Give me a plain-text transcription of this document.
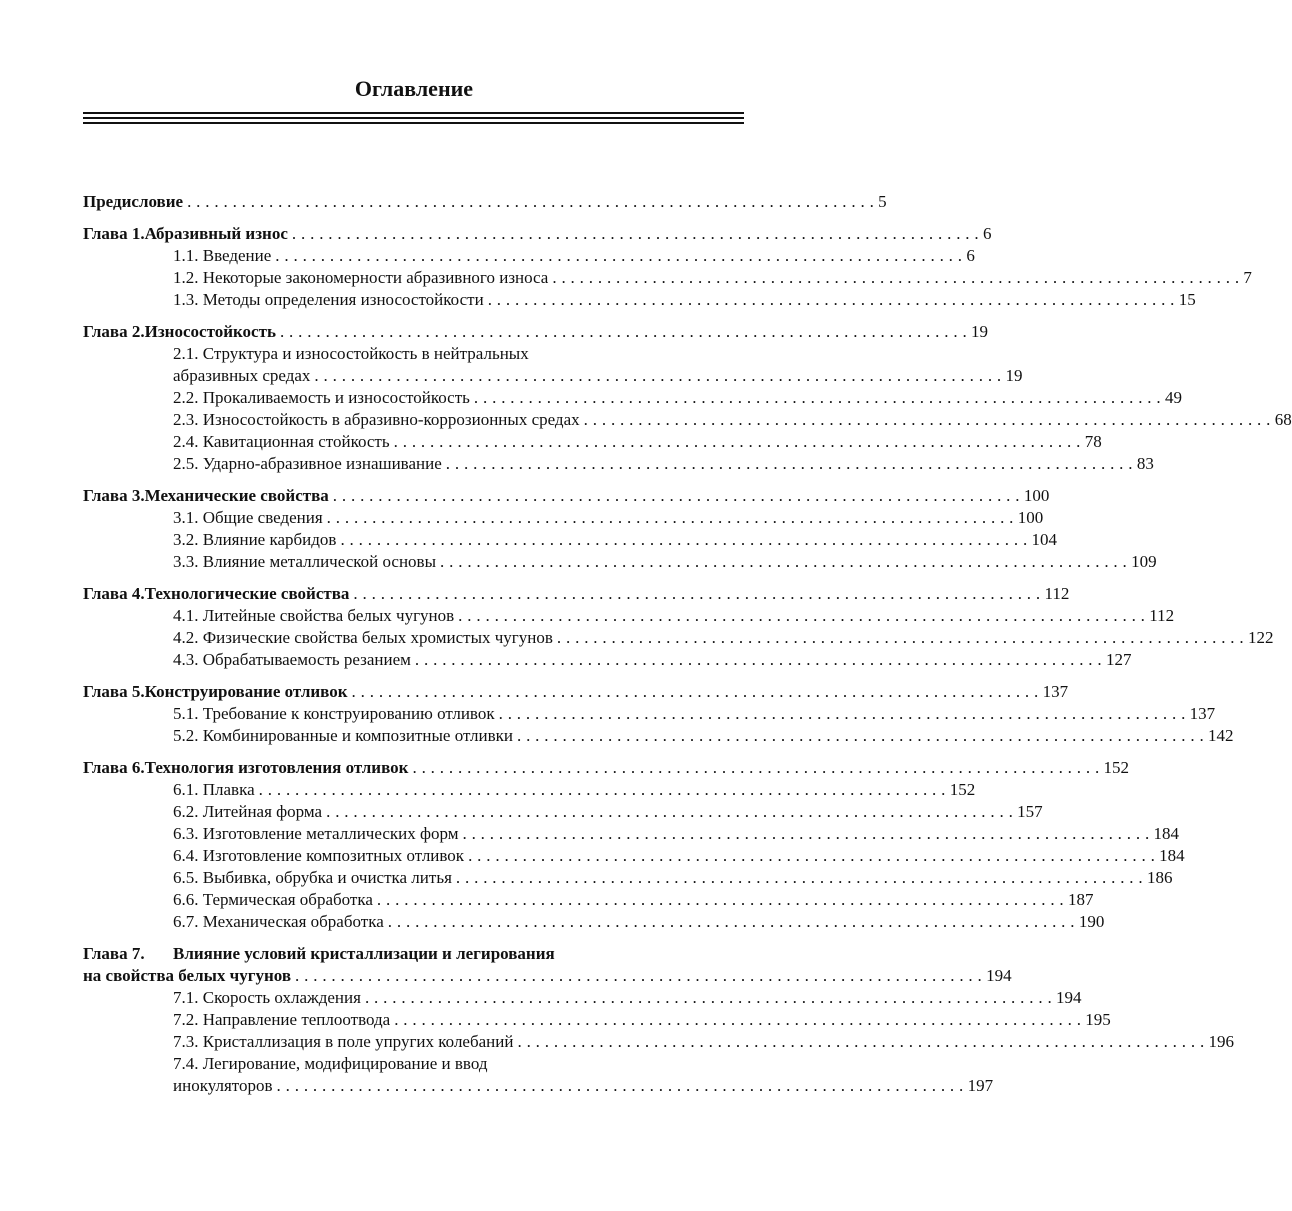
Оглавление
Предисловие . . . . . . . . . . . . . . . . . . . . . . . . . . . . . . . . . . . . . . . . . . . . . . . . . . . . . . . . . . . . . . . . . . . . . . . . . . . . 5
Глава 1. Абразивный износ . . . . . . . . . . . . . . . . . . . . . . . . . . . . . . . . . . . . . . . . . . . . . . . . . . . . . . . . . . . . . . . . . . . . . . . . . . . . 6
1.1. Введение . . . . . . . . . . . . . . . . . . . . . . . . . . . . . . . . . . . . . . . . . . . . . . . . . . . . . . . . . . . . . . . . . . . . . . . . . . . . 6
1.2. Некоторые закономерности абразивного износа . . . . . . . . . . . . . . . . . . . . . . . . . . . . . . . . . . . . . . . . . . . . . . . . . . . . . . . . . . . . . . . . . . . . . . . . . . . . 7
1.3. Методы определения износостойкости . . . . . . . . . . . . . . . . . . . . . . . . . . . . . . . . . . . . . . . . . . . . . . . . . . . . . . . . . . . . . . . . . . . . . . . . . . . . 15
Глава 2. Износостойкость . . . . . . . . . . . . . . . . . . . . . . . . . . . . . . . . . . . . . . . . . . . . . . . . . . . . . . . . . . . . . . . . . . . . . . . . . . . . 19
2.1. Структура и износостойкость в нейтральных
абразивных средах . . . . . . . . . . . . . . . . . . . . . . . . . . . . . . . . . . . . . . . . . . . . . . . . . . . . . . . . . . . . . . . . . . . . . . . . . . . . 19
2.2. Прокаливаемость и износостойкость . . . . . . . . . . . . . . . . . . . . . . . . . . . . . . . . . . . . . . . . . . . . . . . . . . . . . . . . . . . . . . . . . . . . . . . . . . . . 49
2.3. Износостойкость в абразивно-коррозионных средах . . . . . . . . . . . . . . . . . . . . . . . . . . . . . . . . . . . . . . . . . . . . . . . . . . . . . . . . . . . . . . . . . . . . . . . . . . . . 68
2.4. Кавитационная стойкость . . . . . . . . . . . . . . . . . . . . . . . . . . . . . . . . . . . . . . . . . . . . . . . . . . . . . . . . . . . . . . . . . . . . . . . . . . . . 78
2.5. Ударно-абразивное изнашивание . . . . . . . . . . . . . . . . . . . . . . . . . . . . . . . . . . . . . . . . . . . . . . . . . . . . . . . . . . . . . . . . . . . . . . . . . . . . 83
Глава 3. Механические свойства . . . . . . . . . . . . . . . . . . . . . . . . . . . . . . . . . . . . . . . . . . . . . . . . . . . . . . . . . . . . . . . . . . . . . . . . . . . . 100
3.1. Общие сведения . . . . . . . . . . . . . . . . . . . . . . . . . . . . . . . . . . . . . . . . . . . . . . . . . . . . . . . . . . . . . . . . . . . . . . . . . . . . 100
3.2. Влияние карбидов . . . . . . . . . . . . . . . . . . . . . . . . . . . . . . . . . . . . . . . . . . . . . . . . . . . . . . . . . . . . . . . . . . . . . . . . . . . . 104
3.3. Влияние металлической основы . . . . . . . . . . . . . . . . . . . . . . . . . . . . . . . . . . . . . . . . . . . . . . . . . . . . . . . . . . . . . . . . . . . . . . . . . . . . 109
Глава 4. Технологические свойства . . . . . . . . . . . . . . . . . . . . . . . . . . . . . . . . . . . . . . . . . . . . . . . . . . . . . . . . . . . . . . . . . . . . . . . . . . . . 112
4.1. Литейные свойства белых чугунов . . . . . . . . . . . . . . . . . . . . . . . . . . . . . . . . . . . . . . . . . . . . . . . . . . . . . . . . . . . . . . . . . . . . . . . . . . . . 112
4.2. Физические свойства белых хромистых чугунов . . . . . . . . . . . . . . . . . . . . . . . . . . . . . . . . . . . . . . . . . . . . . . . . . . . . . . . . . . . . . . . . . . . . . . . . . . . . 122
4.3. Обрабатываемость резанием . . . . . . . . . . . . . . . . . . . . . . . . . . . . . . . . . . . . . . . . . . . . . . . . . . . . . . . . . . . . . . . . . . . . . . . . . . . . 127
Глава 5. Конструирование отливок . . . . . . . . . . . . . . . . . . . . . . . . . . . . . . . . . . . . . . . . . . . . . . . . . . . . . . . . . . . . . . . . . . . . . . . . . . . . 137
5.1. Требование к конструированию отливок . . . . . . . . . . . . . . . . . . . . . . . . . . . . . . . . . . . . . . . . . . . . . . . . . . . . . . . . . . . . . . . . . . . . . . . . . . . . 137
5.2. Комбинированные и композитные отливки . . . . . . . . . . . . . . . . . . . . . . . . . . . . . . . . . . . . . . . . . . . . . . . . . . . . . . . . . . . . . . . . . . . . . . . . . . . . 142
Глава 6. Технология изготовления отливок . . . . . . . . . . . . . . . . . . . . . . . . . . . . . . . . . . . . . . . . . . . . . . . . . . . . . . . . . . . . . . . . . . . . . . . . . . . . 152
6.1. Плавка . . . . . . . . . . . . . . . . . . . . . . . . . . . . . . . . . . . . . . . . . . . . . . . . . . . . . . . . . . . . . . . . . . . . . . . . . . . . 152
6.2. Литейная форма . . . . . . . . . . . . . . . . . . . . . . . . . . . . . . . . . . . . . . . . . . . . . . . . . . . . . . . . . . . . . . . . . . . . . . . . . . . . 157
6.3. Изготовление металлических форм . . . . . . . . . . . . . . . . . . . . . . . . . . . . . . . . . . . . . . . . . . . . . . . . . . . . . . . . . . . . . . . . . . . . . . . . . . . . 184
6.4. Изготовление композитных отливок . . . . . . . . . . . . . . . . . . . . . . . . . . . . . . . . . . . . . . . . . . . . . . . . . . . . . . . . . . . . . . . . . . . . . . . . . . . . 184
6.5. Выбивка, обрубка и очистка литья . . . . . . . . . . . . . . . . . . . . . . . . . . . . . . . . . . . . . . . . . . . . . . . . . . . . . . . . . . . . . . . . . . . . . . . . . . . . 186
6.6. Термическая обработка . . . . . . . . . . . . . . . . . . . . . . . . . . . . . . . . . . . . . . . . . . . . . . . . . . . . . . . . . . . . . . . . . . . . . . . . . . . . 187
6.7. Механическая обработка . . . . . . . . . . . . . . . . . . . . . . . . . . . . . . . . . . . . . . . . . . . . . . . . . . . . . . . . . . . . . . . . . . . . . . . . . . . . 190
Глава 7.	Влияние условий кристаллизации и легирования
на свойства белых чугунов . . . . . . . . . . . . . . . . . . . . . . . . . . . . . . . . . . . . . . . . . . . . . . . . . . . . . . . . . . . . . . . . . . . . . . . . . . . . 194
7.1. Скорость охлаждения . . . . . . . . . . . . . . . . . . . . . . . . . . . . . . . . . . . . . . . . . . . . . . . . . . . . . . . . . . . . . . . . . . . . . . . . . . . . 194
7.2. Направление теплоотвода . . . . . . . . . . . . . . . . . . . . . . . . . . . . . . . . . . . . . . . . . . . . . . . . . . . . . . . . . . . . . . . . . . . . . . . . . . . . 195
7.3. Кристаллизация в поле упругих колебаний . . . . . . . . . . . . . . . . . . . . . . . . . . . . . . . . . . . . . . . . . . . . . . . . . . . . . . . . . . . . . . . . . . . . . . . . . . . . 196
7.4. Легирование, модифицирование и ввод
инокуляторов . . . . . . . . . . . . . . . . . . . . . . . . . . . . . . . . . . . . . . . . . . . . . . . . . . . . . . . . . . . . . . . . . . . . . . . . . . . . 197
